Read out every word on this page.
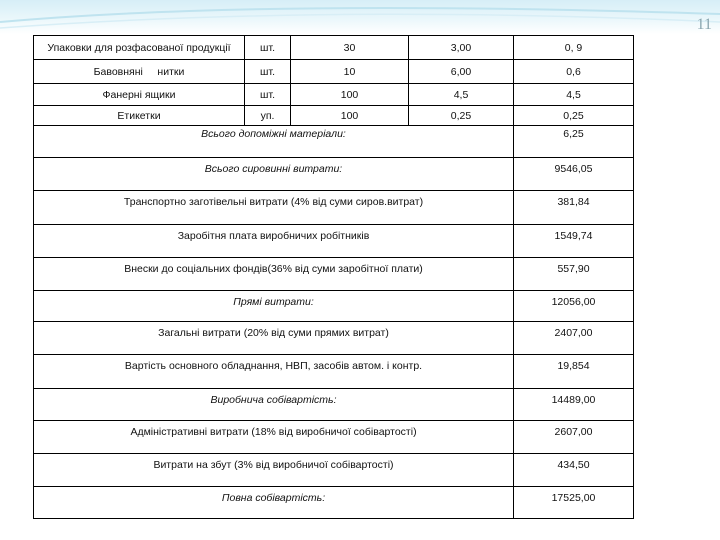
11
Упаковки для розфасованої продукції	шт.	30	3,00	0, 9
Бавовняні     нитки	шт.	10	6,00	0,6
Фанерні ящики	шт.	100	4,5	4,5
Етикетки	уп.	100	0,25	0,25
Всього допоміжні матеріали:				6,25
Всього сировинні витрати:				9546,05
Транспортно заготівельні витрати (4% від суми сиров.витрат)				381,84
Заробітня плата виробничих робітників				1549,74
Внески до соціальних фондів(36% від суми заробітної плати)				557,90
Прямі витрати:				12056,00
Загальні витрати (20% від суми прямих витрат)				2407,00
Вартість основного обладнання, НВП, засобів автом. і контр.				19,854
Виробнича собівартість:				14489,00
Адміністративні витрати (18% від виробничої собівартості)				2607,00
Витрати на збут (3% від виробничої собівартості)				434,50
Повна собівартість:				17525,00
